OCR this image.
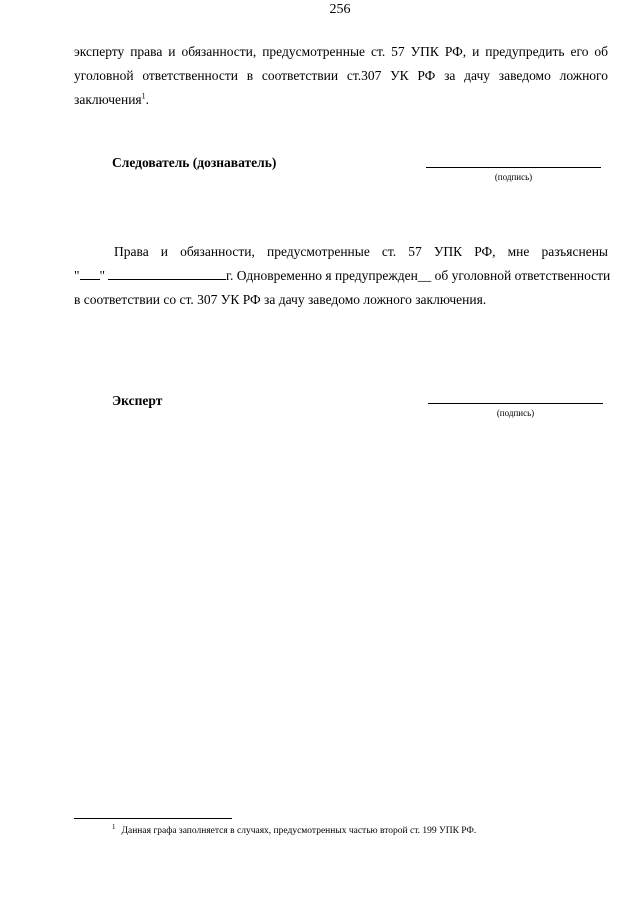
256
эксперту права и обязанности, предусмотренные ст. 57 УПК РФ, и предупредить его об
уголовной ответственности в соответствии ст.307 УК РФ за дачу заведомо ложного
заключения$^1$.
Следователь (дознаватель)
(подпись)
Права и обязанности, предусмотренные ст. 57 УПК РФ, мне разъяснены
" "	г. Одновременно я предупрежден__ об уголовной ответственности
в соответствии со ст. 307 УК РФ за дачу заведомо ложного заключения.
Эксперт
(подпись)
$^1$ Данная графа заполняется в случаях, предусмотренных частью второй ст. 199 УПК РФ.
